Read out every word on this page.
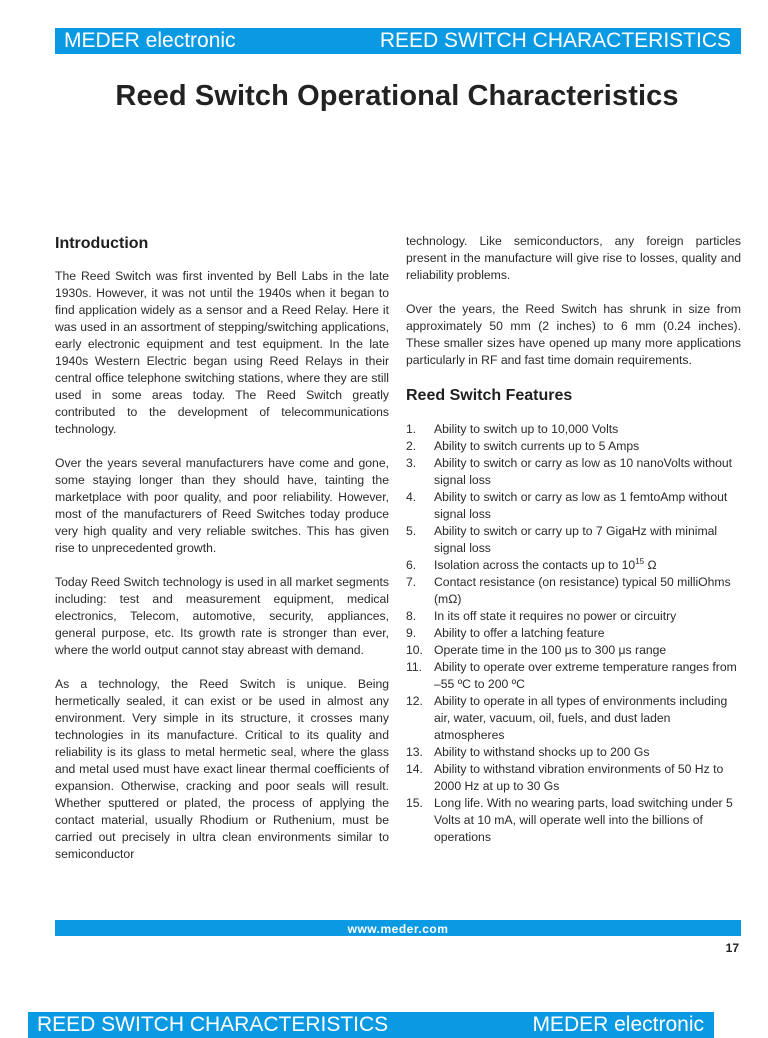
MEDER electronic	REED SWITCH CHARACTERISTICS
Reed Switch Operational Characteristics
Introduction

The Reed Switch was first invented by Bell Labs in the late 1930s. However, it was not until the 1940s when it began to find application widely as a sensor and a Reed Relay. Here it was used in an assortment of stepping/switching applications, early electronic equipment and test equipment. In the late 1940s Western Electric began using Reed Relays in their central office telephone switching stations, where they are still used in some areas today. The Reed Switch greatly contributed to the development of telecommunications technology.

Over the years several manufacturers have come and gone, some staying longer than they should have, tainting the marketplace with poor quality, and poor reliability. However, most of the manufacturers of Reed Switches today produce very high quality and very reliable switches. This has given rise to unprecedented growth.

Today Reed Switch technology is used in all market segments including: test and measurement equipment, medical electronics, Telecom, automotive, security, appliances, general purpose, etc. Its growth rate is stronger than ever, where the world output cannot stay abreast with demand.

As a technology, the Reed Switch is unique. Being hermetically sealed, it can exist or be used in almost any environment. Very simple in its structure, it crosses many technologies in its manufacture. Critical to its quality and reliability is its glass to metal hermetic seal, where the glass and metal used must have exact linear thermal coefficients of expansion. Otherwise, cracking and poor seals will result. Whether sputtered or plated, the process of applying the contact material, usually Rhodium or Ruthenium, must be carried out precisely in ultra clean environments similar to semiconductor

technology. Like semiconductors, any foreign particles present in the manufacture will give rise to losses, quality and reliability problems.

Over the years, the Reed Switch has shrunk in size from approximately 50 mm (2 inches) to 6 mm (0.24 inches). These smaller sizes have opened up many more applications particularly in RF and fast time domain requirements.

Reed Switch Features
1. Ability to switch up to 10,000 Volts
2. Ability to switch currents up to 5 Amps
3. Ability to switch or carry as low as 10 nanoVolts without signal loss
4. Ability to switch or carry as low as 1 femtoAmp without signal loss
5. Ability to switch or carry up to 7 GigaHz with minimal signal loss
6. Isolation across the contacts up to $10^{15}$ Ω
7. Contact resistance (on resistance) typical 50 milliOhms (mΩ)
8. In its off state it requires no power or circuitry
9. Ability to offer a latching feature
10. Operate time in the 100 μs to 300 μs range
11. Ability to operate over extreme temperature ranges from –55 ºC to 200 ºC
12. Ability to operate in all types of environments including air, water, vacuum, oil, fuels, and dust laden atmospheres
13. Ability to withstand shocks up to 200 Gs
14. Ability to withstand vibration environments of 50 Hz to 2000 Hz at up to 30 Gs
15. Long life. With no wearing parts, load switching under 5 Volts at 10 mA, will operate well into the billions of operations
www.meder.com
17
REED SWITCH CHARACTERISTICS	MEDER electronic
